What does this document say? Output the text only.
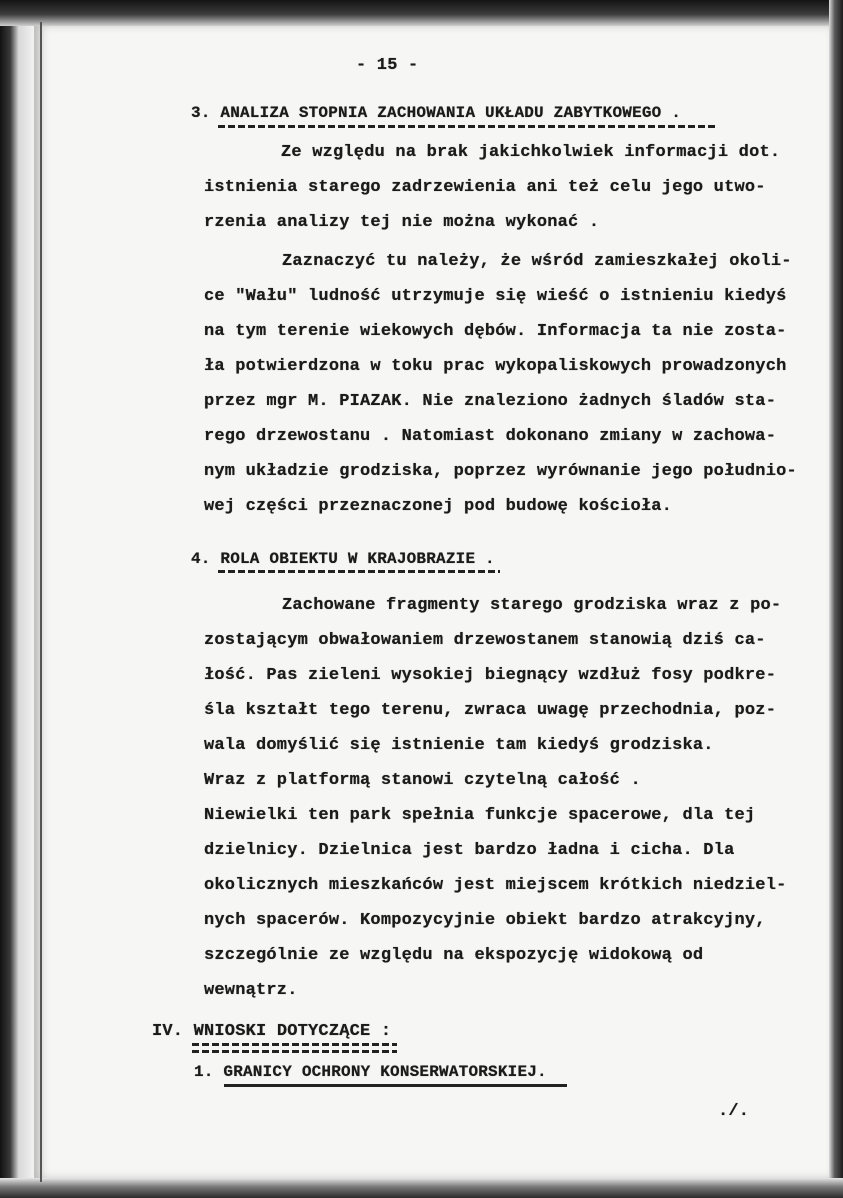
- 15 -
3. ANALIZA STOPNIA ZACHOWANIA UKŁADU ZABYTKOWEGO .
Ze względu na brak jakichkolwiek informacji dot.
istnienia starego zadrzewienia ani też celu jego utwo-
rzenia analizy tej nie można wykonać .
Zaznaczyć tu należy, że wśród zamieszkałej okoli-
ce "Wału" ludność utrzymuje się wieść o istnieniu kiedyś
na tym terenie wiekowych dębów. Informacja ta nie zosta-
ła potwierdzona w toku prac wykopaliskowych prowadzonych
przez mgr M. PIAZAK. Nie znaleziono żadnych śladów sta-
rego drzewostanu . Natomiast dokonano zmiany w zachowa-
nym układzie grodziska, poprzez wyrównanie jego południo-
wej części przeznaczonej pod budowę kościoła.
4. ROLA OBIEKTU W KRAJOBRAZIE .
Zachowane fragmenty starego grodziska wraz z po-
zostającym obwałowaniem drzewostanem stanowią dziś ca-
łość. Pas zieleni wysokiej biegnący wzdłuż fosy podkre-
śla kształt tego terenu, zwraca uwagę przechodnia, poz-
wala domyślić się istnienie tam kiedyś grodziska.
Wraz z platformą stanowi czytelną całość .
Niewielki ten park spełnia funkcje spacerowe, dla tej
dzielnicy. Dzielnica jest bardzo ładna i cicha. Dla
okolicznych mieszkańców jest miejscem krótkich niedziel-
nych spacerów. Kompozycyjnie obiekt bardzo atrakcyjny,
szczególnie ze względu na ekspozycję widokową od
wewnątrz.
IV. WNIOSKI DOTYCZĄCE :
1. GRANICY OCHRONY KONSERWATORSKIEJ.
./.
